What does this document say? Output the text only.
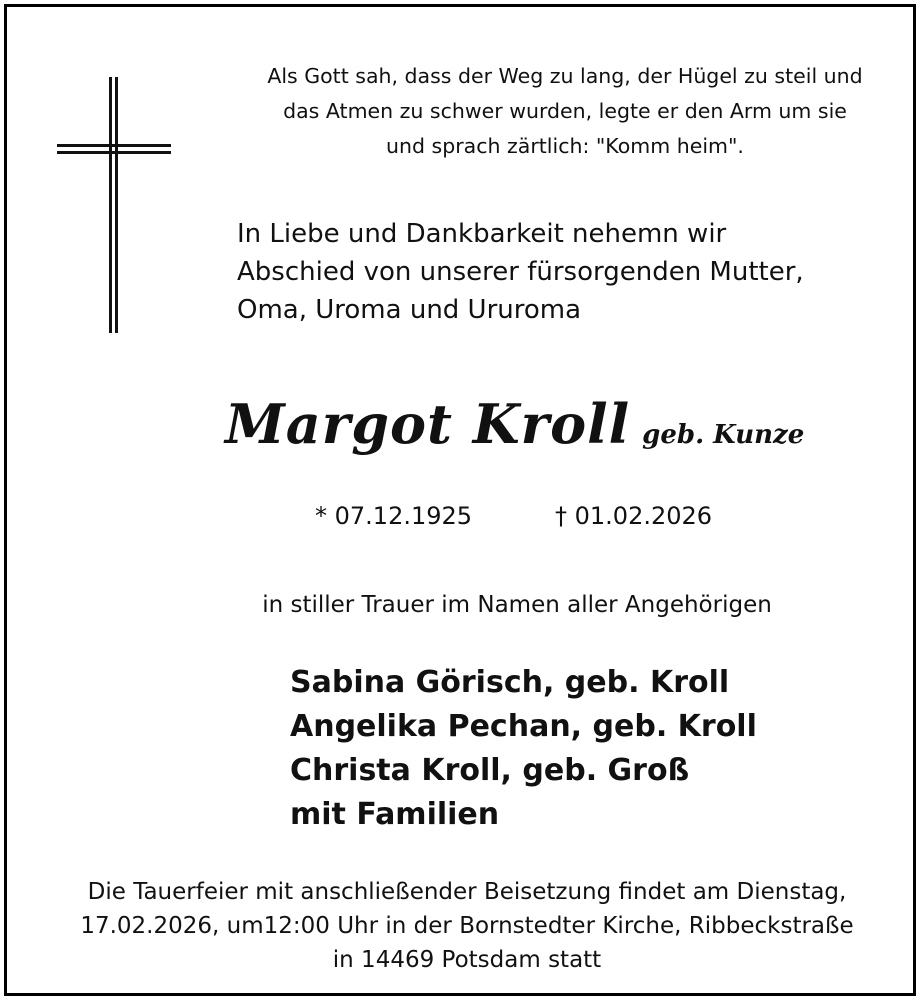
Als Gott sah, dass der Weg zu lang, der Hügel zu steil und
das Atmen zu schwer wurden, legte er den Arm um sie
und sprach zärtlich: "Komm heim".
In Liebe und Dankbarkeit nehemn wir
Abschied von unserer fürsorgenden Mutter,
Oma, Uroma und Ururoma
Margot Kroll geb. Kunze
* 07.12.1925	† 01.02.2026
in stiller Trauer im Namen aller Angehörigen
Sabina Görisch, geb. Kroll
Angelika Pechan, geb. Kroll
Christa Kroll, geb. Groß
mit Familien
Die Tauerfeier mit anschließender Beisetzung findet am Dienstag,
17.02.2026, um12:00 Uhr in der Bornstedter Kirche, Ribbeckstraße
in 14469 Potsdam statt
